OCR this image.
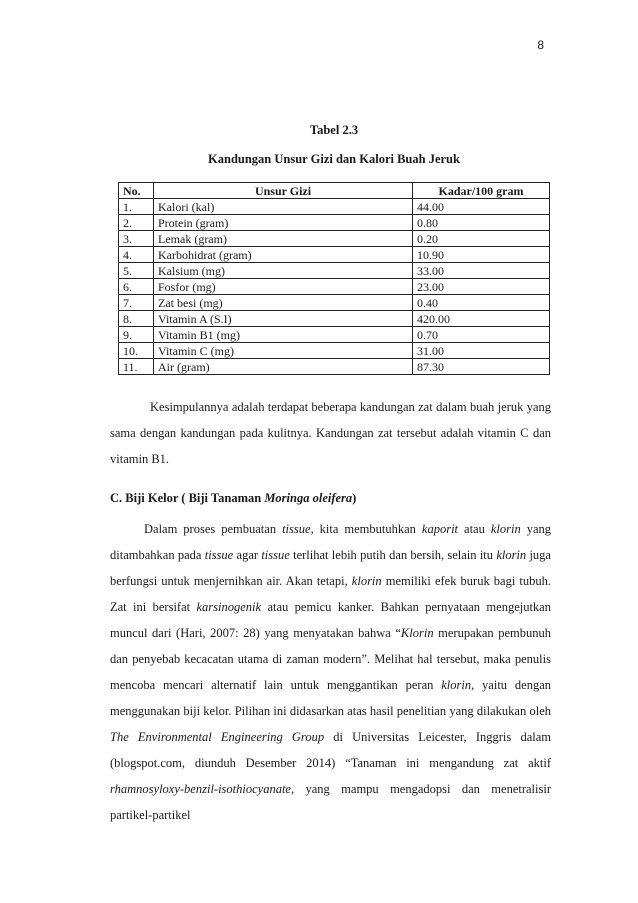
8
Tabel 2.3
Kandungan Unsur Gizi dan Kalori Buah Jeruk
No.	Unsur Gizi	Kadar/100 gram
1.	Kalori (kal)	44.00
2.	Protein (gram)	0.80
3.	Lemak (gram)	0.20
4.	Karbohidrat (gram)	10.90
5.	Kalsium (mg)	33.00
6.	Fosfor (mg)	23.00
7.	Zat besi (mg)	0.40
8.	Vitamin A (S.I)	420.00
9.	Vitamin B1 (mg)	0.70
10.	Vitamin C (mg)	31.00
11.	Air (gram)	87.30
Kesimpulannya adalah terdapat beberapa kandungan zat dalam buah jeruk yang sama dengan kandungan pada kulitnya. Kandungan zat tersebut adalah vitamin C dan vitamin B1.
C. Biji Kelor ( Biji Tanaman Moringa oleifera)
Dalam proses pembuatan tissue, kita membutuhkan kaporit atau klorin yang ditambahkan pada tissue agar tissue terlihat lebih putih dan bersih, selain itu klorin juga berfungsi untuk menjernihkan air. Akan tetapi, klorin memiliki efek buruk bagi tubuh. Zat ini bersifat karsinogenik atau pemicu kanker. Bahkan pernyataan mengejutkan muncul dari (Hari, 2007: 28) yang menyatakan bahwa “Klorin merupakan pembunuh dan penyebab kecacatan utama di zaman modern”. Melihat hal tersebut, maka penulis mencoba mencari alternatif lain untuk menggantikan peran klorin, yaitu dengan menggunakan biji kelor. Pilihan ini didasarkan atas hasil penelitian yang dilakukan oleh The Environmental Engineering Group di Universitas Leicester, Inggris dalam (blogspot.com, diunduh Desember 2014) “Tanaman ini mengandung zat aktif rhamnosyloxy-benzil-isothiocyanate, yang mampu mengadopsi dan menetralisir partikel-partikel
